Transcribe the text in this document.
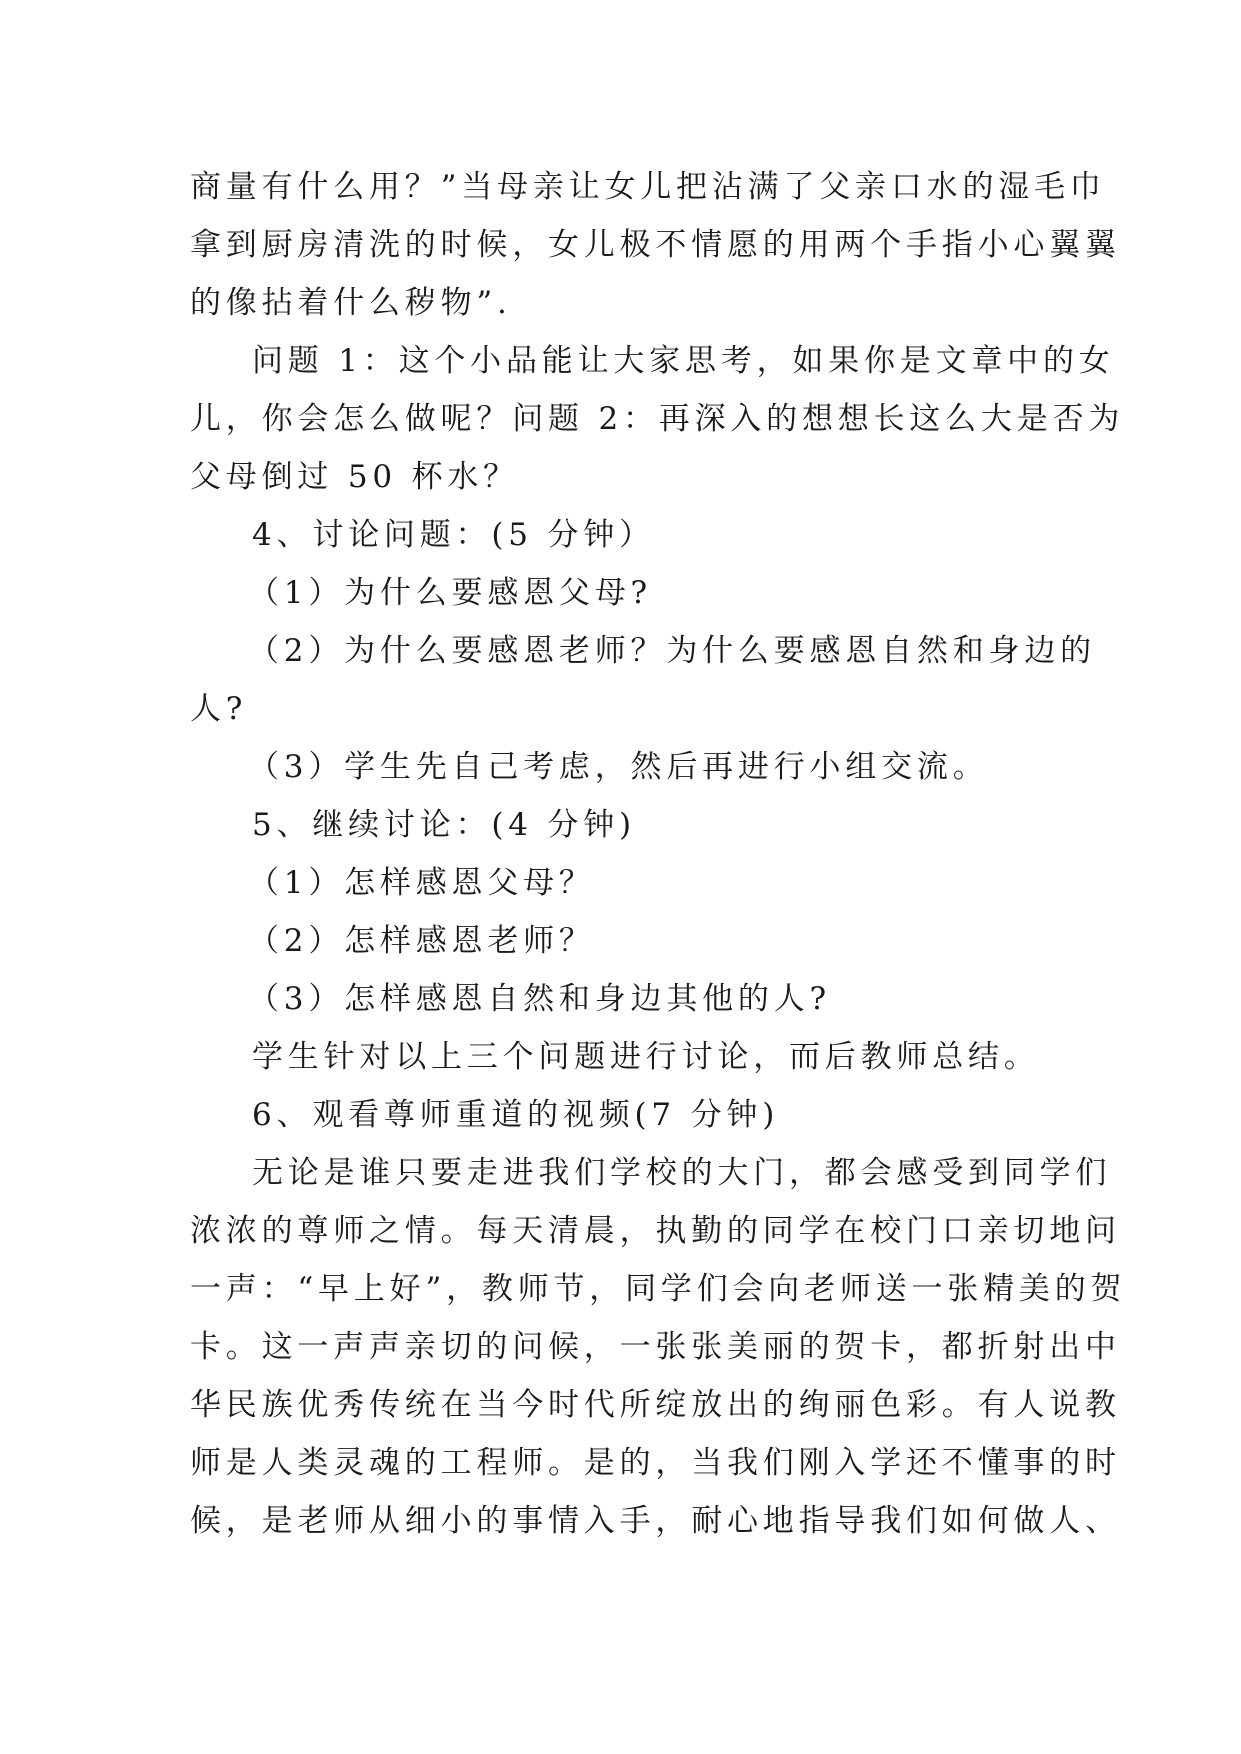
商量有什么用？”当母亲让女儿把沾满了父亲口水的湿毛巾
拿到厨房清洗的时候，女儿极不情愿的用两个手指小心翼翼
的像拈着什么秽物”.
问题 1：这个小品能让大家思考，如果你是文章中的女
儿，你会怎么做呢？问题 2：再深入的想想长这么大是否为
父母倒过 50 杯水？
4、讨论问题：(5 分钟）
（1）为什么要感恩父母?
（2）为什么要感恩老师？为什么要感恩自然和身边的
人?
（3）学生先自己考虑，然后再进行小组交流。
5、继续讨论：(4 分钟)
（1）怎样感恩父母？
（2）怎样感恩老师？
（3）怎样感恩自然和身边其他的人?
学生针对以上三个问题进行讨论，而后教师总结。
6、观看尊师重道的视频(7 分钟)
无论是谁只要走进我们学校的大门，都会感受到同学们
浓浓的尊师之情。每天清晨，执勤的同学在校门口亲切地问
一声：“早上好”，教师节，同学们会向老师送一张精美的贺
卡。这一声声亲切的问候，一张张美丽的贺卡，都折射出中
华民族优秀传统在当今时代所绽放出的绚丽色彩。有人说教
师是人类灵魂的工程师。是的，当我们刚入学还不懂事的时
候，是老师从细小的事情入手，耐心地指导我们如何做人、
